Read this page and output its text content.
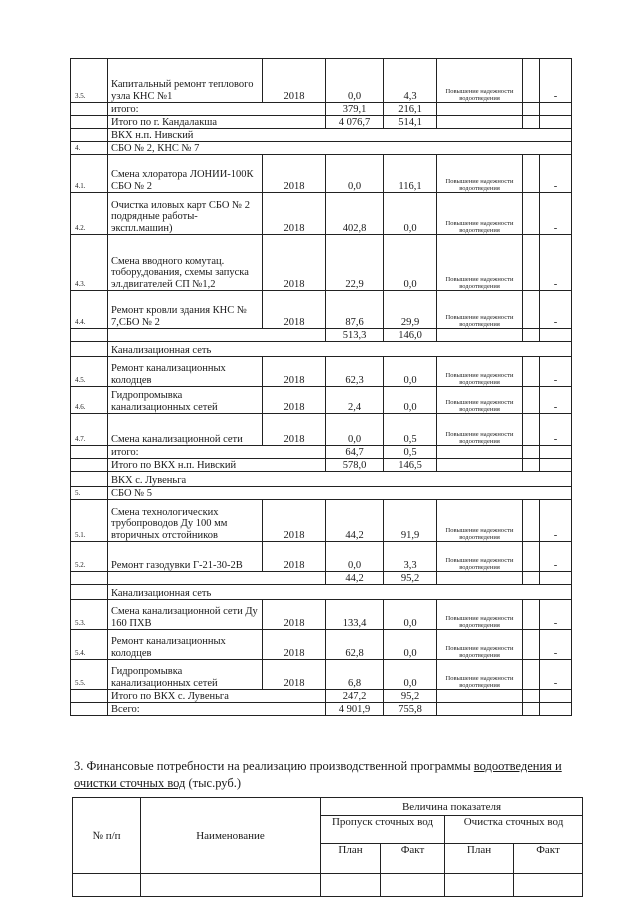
3.5.	Капитальный ремонт теплового узла КНС №1	2018	0,0	4,3	Повышение надежности водоотведения		-
	итого:		379,1	216,1			
	Итого по г. Кандалакша		4 076,7	514,1			
	ВКХ н.п. Нивский						
4.	СБО № 2, КНС № 7						
4.1.	Смена хлоратора ЛОНИИ-100К СБО № 2	2018	0,0	116,1	Повышение надежности водоотведения		-
4.2.	Очистка иловых карт СБО № 2 подрядные работы-экспл.машин)	2018	402,8	0,0	Повышение надежности водоотведения		-
4.3.	Смена вводного комутац. тобору,дования, схемы запуска эл.двигателей СП №1,2	2018	22,9	0,0	Повышение надежности водоотведения		-
4.4.	Ремонт кровли здания КНС № 7,СБО № 2	2018	87,6	29,9	Повышение надежности водоотведения		-
			513,3	146,0			
	Канализационная сеть						
4.5.	Ремонт канализационных колодцев	2018	62,3	0,0	Повышение надежности водоотведения		-
4.6.	Гидропромывка канализационных сетей	2018	2,4	0,0	Повышение надежности водоотведения		-
4.7.	Смена канализационной сети	2018	0,0	0,5	Повышение надежности водоотведения		-
	итого:		64,7	0,5			
	Итого по ВКХ н.п. Нивский		578,0	146,5			
	ВКХ с. Лувеньга						
5.	СБО № 5						
5.1.	Смена технологических трубопроводов Ду 100 мм вторичных отстойников	2018	44,2	91,9	Повышение надежности водоотведения		-
5.2.	Ремонт газодувки Г-21-30-2В	2018	0,0	3,3	Повышение надежности водоотведения		-
			44,2	95,2			
	Канализационная сеть						
5.3.	Смена канализационной сети Ду 160 ПХВ	2018	133,4	0,0	Повышение надежности водоотведения		-
5.4.	Ремонт канализационных колодцев	2018	62,8	0,0	Повышение надежности водоотведения		-
5.5.	Гидропромывка канализационных сетей	2018	6,8	0,0	Повышение надежности водоотведения		-
	Итого по ВКХ с. Лувеньга		247,2	95,2			
	Всего:		4 901,9	755,8			
3. Финансовые потребности на реализацию производственной программы водоотведения и очистки сточных вод (тыс.руб.)
№ п/п	Наименование	Величина показателя			
		Пропуск сточных вод		Очистка сточных вод	
		План	Факт	План	Факт
